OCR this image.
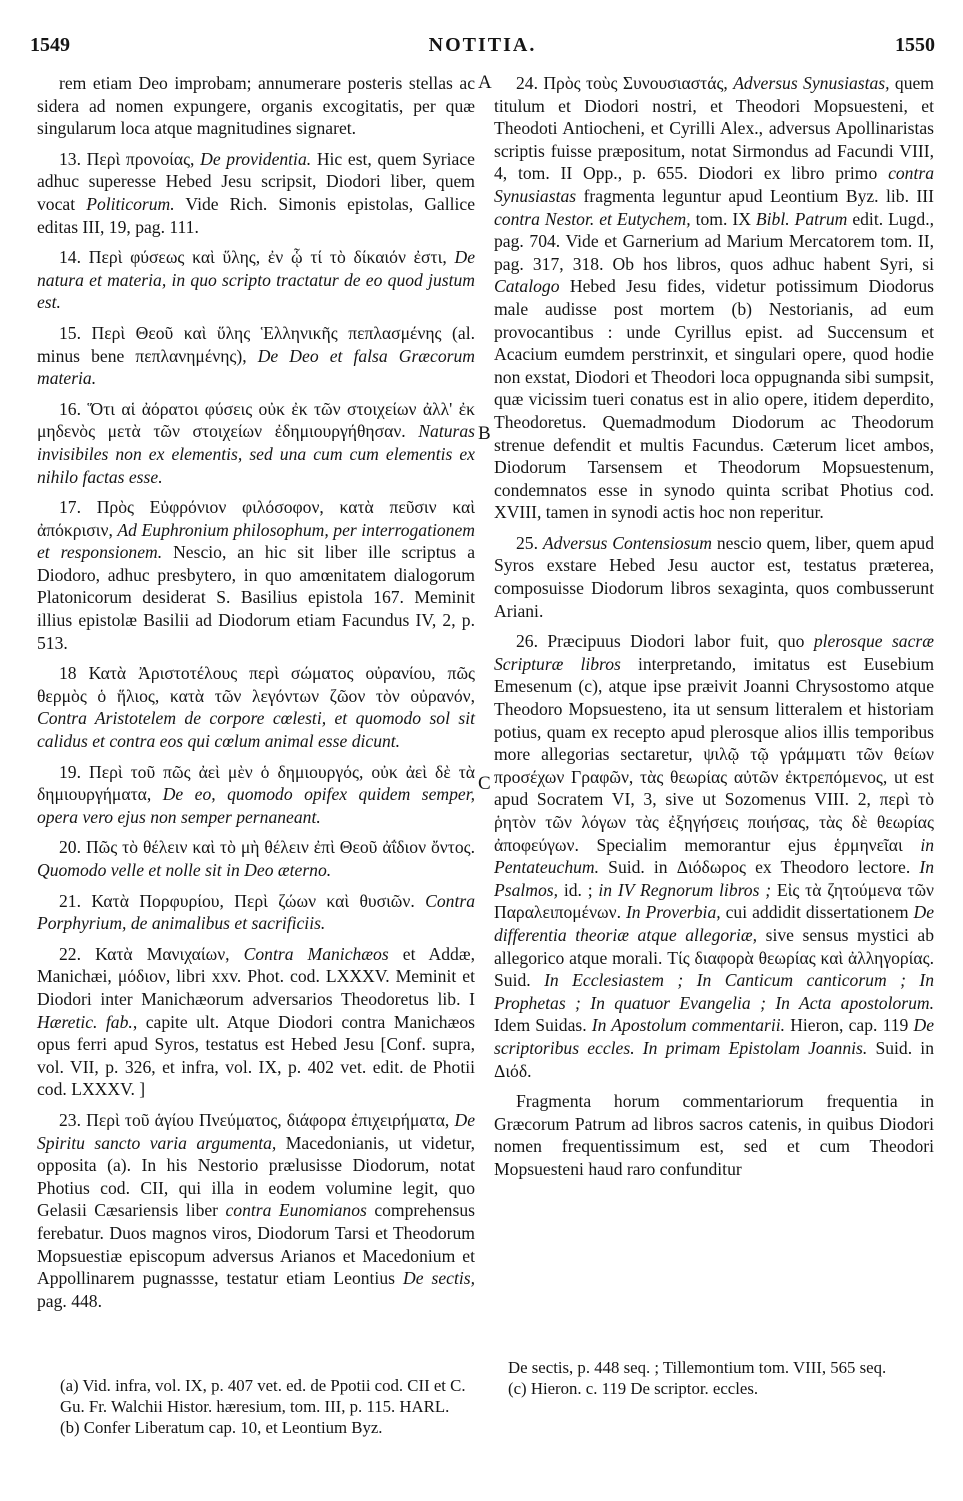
1549	NOTITIA.	1550

rem etiam Deo improbam; annumerare posteris stellas ac sidera ad nomen expungere, organis excogitatis, per quæ singularum loca atque magnitudines signaret.

13. Περὶ προνοίας, De providentia. Hic est, quem Syriace adhuc superesse Hebed Jesu scripsit, Diodori liber, quem vocat Politicorum. Vide Rich. Simonis epistolas, Gallice editas III, 19, pag. 111.

14. Περὶ φύσεως καὶ ὕλης, ἐν ᾧ τί τὸ δίκαιόν ἐστι, De natura et materia, in quo scripto tractatur de eo quod justum est.

15. Περὶ Θεοῦ καὶ ὕλης Ἑλληνικῆς πεπλασμένης (al. minus bene πεπλανημένης), De Deo et falsa Græcorum materia.

16. Ὅτι αἱ ἀόρατοι φύσεις οὐκ ἐκ τῶν στοιχείων ἀλλ' ἐκ μηδενὸς μετὰ τῶν στοιχείων ἐδημιουργήθησαν. Naturas invisibiles non ex elementis, sed una cum cum elementis ex nihilo factas esse.

17. Πρὸς Εὐφρόνιον φιλόσοφον, κατὰ πεῦσιν καὶ ἀπόκρισιν, Ad Euphronium philosophum, per interrogationem et responsionem. Nescio, an hic sit liber ille scriptus a Diodoro, adhuc presbytero, in quo amœnitatem dialogorum Platonicorum desiderat S. Basilius epistola 167. Meminit illius epistolæ Basilii ad Diodorum etiam Facundus IV, 2, p. 513.

18 Κατὰ Ἀριστοτέλους περὶ σώματος οὐρανίου, πῶς θερμὸς ὁ ἥλιος, κατὰ τῶν λεγόντων ζῶον τὸν οὐρανόν, Contra Aristotelem de corpore cœlesti, et quomodo sol sit calidus et contra eos qui cœlum animal esse dicunt.

19. Περὶ τοῦ πῶς ἀεὶ μὲν ὁ δημιουργός, οὐκ ἀεὶ δὲ τὰ δημιουργήματα, De eo, quomodo opifex quidem semper, opera vero ejus non semper pernaneant.

20. Πῶς τὸ θέλειν καὶ τὸ μὴ θέλειν ἐπὶ Θεοῦ ἀΐδιον ὄντος. Quomodo velle et nolle sit in Deo æterno.

21. Κατὰ Πορφυρίου, Περὶ ζώων καὶ θυσιῶν. Contra Porphyrium, de animalibus et sacrificiis.

22. Κατὰ Μανιχαίων, Contra Manichæos et Addæ, Manichæi, μόδιον, libri xxv. Phot. cod. LXXXV. Meminit et Diodori inter Manichæorum adversarios Theodoretus lib. I Hæretic. fab., capite ult. Atque Diodori contra Manichæos opus ferri apud Syros, testatus est Hebed Jesu [Conf. supra, vol. VII, p. 326, et infra, vol. IX, p. 402 vet. edit. de Photii cod. LXXXV. ]

23. Περὶ τοῦ ἁγίου Πνεύματος, διάφορα ἐπιχειρήματα, De Spiritu sancto varia argumenta, Macedonianis, ut videtur, opposita (a). In his Nestorio prælusisse Diodorum, notat Photius cod. CII, qui illa in eodem volumine legit, quo Gelasii Cæsariensis liber contra Eunomianos comprehensus ferebatur. Duos magnos viros, Diodorum Tarsi et Theodorum Mopsuestiæ episcopum adversus Arianos et Macedonium et Appollinarem pugnassse, testatur etiam Leontius De sectis, pag. 448.

24. Πρὸς τοὺς Συνουσιαστάς, Adversus Synusiastas, quem titulum et Diodori nostri, et Theodori Mopsuesteni, et Theodoti Antiocheni, et Cyrilli Alex., adversus Apollinaristas scriptis fuisse præpositum, notat Sirmondus ad Facundi VIII, 4, tom. II Opp., p. 655. Diodori ex libro primo contra Synusiastas fragmenta leguntur apud Leontium Byz. lib. III contra Nestor. et Eutychem, tom. IX Bibl. Patrum edit. Lugd., pag. 704. Vide et Garnerium ad Marium Mercatorem tom. II, pag. 317, 318. Ob hos libros, quos adhuc habent Syri, si Catalogo Hebed Jesu fides, videtur potissimum Diodorus male audisse post mortem (b) Nestorianis, ad eum provocantibus : unde Cyrillus epist. ad Succensum et Acacium eumdem perstrinxit, et singulari opere, quod hodie non exstat, Diodori et Theodori loca oppugnanda sibi sumpsit, quæ vicissim tueri conatus est in alio opere, itidem deperdito, Theodoretus. Quemadmodum Diodorum ac Theodorum strenue defendit et multis Facundus. Cæterum licet ambos, Diodorum Tarsensem et Theodorum Mopsuestenum, condemnatos esse in synodo quinta scribat Photius cod. XVIII, tamen in synodi actis hoc non reperitur.

25. Adversus Contensiosum nescio quem, liber, quem apud Syros exstare Hebed Jesu auctor est, testatus præterea, composuisse Diodorum libros sexaginta, quos combusserunt Ariani.

26. Præcipuus Diodori labor fuit, quo plerosque sacræ Scripturæ libros interpretando, imitatus est Eusebium Emesenum (c), atque ipse præivit Joanni Chrysostomo atque Theodoro Mopsuesteno, ita ut sensum litteralem et historiam potius, quam ex recepto apud plerosque alios illis temporibus more allegorias sectaretur, ψιλῷ τῷ γράμματι τῶν θείων προσέχων Γραφῶν, τὰς θεωρίας αὐτῶν ἐκτρεπόμενος, ut est apud Socratem VI, 3, sive ut Sozomenus VIII. 2, περὶ τὸ ῥητὸν τῶν λόγων τὰς ἐξηγήσεις ποιήσας, τὰς δὲ θεωρίας ἀποφεύγων. Specialim memorantur ejus ἑρμηνεῖαι in Pentateuchum. Suid. in Διόδωρος ex Theodoro lectore. In Psalmos, id. ; in IV Regnorum libros ; Εἰς τὰ ζητούμενα τῶν Παραλειπομένων. In Proverbia, cui addidit dissertationem De differentia theoriæ atque allegoriæ, sive sensus mystici ab allegorico atque morali. Τίς διαφορὰ θεωρίας καὶ ἀλληγορίας. Suid. In Ecclesiastem ; In Canticum canticorum ; In Prophetas ; In quatuor Evangelia ; In Acta apostolorum. Idem Suidas. In Apostolum commentarii. Hieron, cap. 119 De scriptoribus eccles. In primam Epistolam Joannis. Suid. in Διόδ.

Fragmenta horum commentariorum frequentia in Græcorum Patrum ad libros sacros catenis, in quibus Diodori nomen frequentissimum est, sed et cum Theodori Mopsuesteni haud raro confunditur

A
B
C
(a) Vid. infra, vol. IX, p. 407 vet. ed. de Ppotii cod. CII et C. Gu. Fr. Walchii Histor. hæresium, tom. III, p. 115. HARL.
(b) Confer Liberatum cap. 10, et Leontium Byz.
De sectis, p. 448 seq. ; Tillemontium tom. VIII, 565 seq.
(c) Hieron. c. 119 De scriptor. eccles.
